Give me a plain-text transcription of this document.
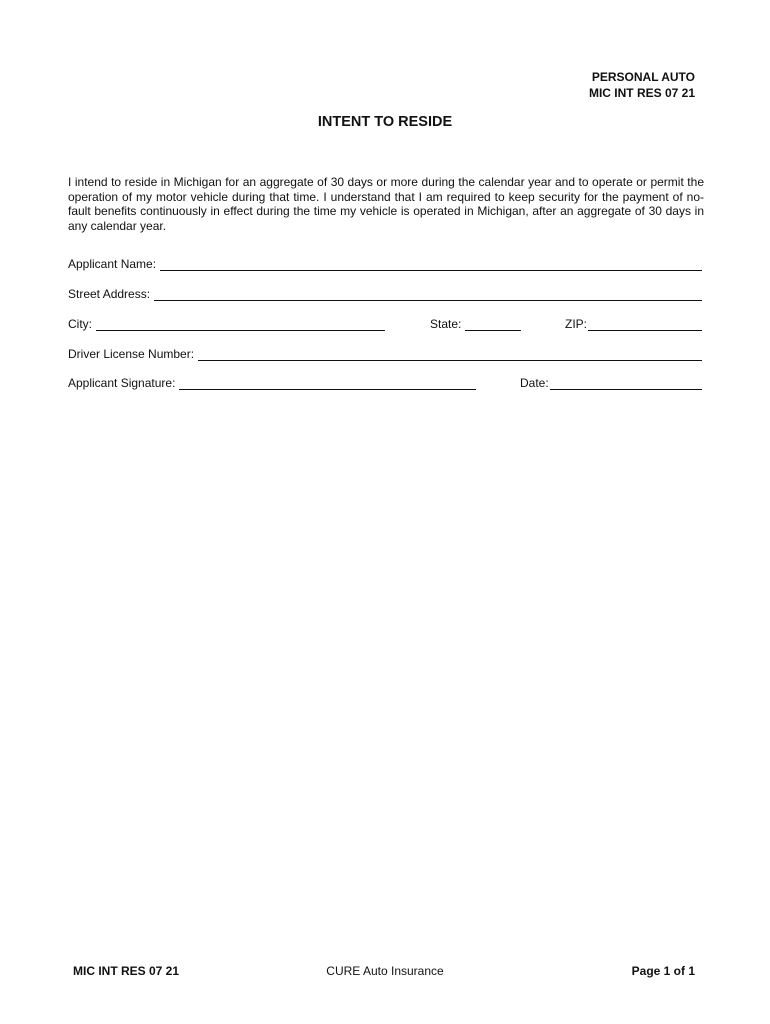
PERSONAL AUTO
MIC INT RES 07 21
INTENT TO RESIDE
I intend to reside in Michigan for an aggregate of 30 days or more during the calendar year and to operate or permit the operation of my motor vehicle during that time. I understand that I am required to keep security for the payment of no-fault benefits continuously in effect during the time my vehicle is operated in Michigan, after an aggregate of 30 days in any calendar year.
Applicant Name:
Street Address:
City:	State:	ZIP:
Driver License Number:
Applicant Signature:	Date:
MIC INT RES 07 21	CURE Auto Insurance	Page 1 of 1
